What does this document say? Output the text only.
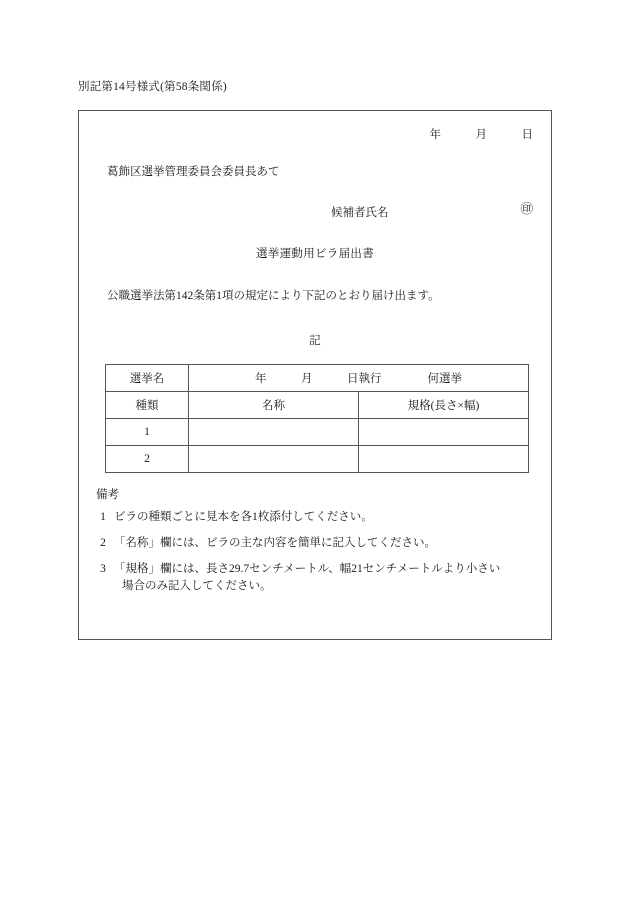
別記第14号様式(第58条関係)
年　　　月　　　日
葛飾区選挙管理委員会委員長あて
候補者氏名	㊞
選挙運動用ビラ届出書
公職選挙法第142条第1項の規定により下記のとおり届け出ます。
記
選挙名	年　　　月　　　日執行　　　　何選挙	
種類	名称	規格(長さ×幅)
1		
2		
備考
1 ビラの種類ごとに見本を各1枚添付してください。
2 「名称」欄には、ビラの主な内容を簡単に記入してください。
3 「規格」欄には、長さ29.7センチメートル、幅21センチメートルより小さい
場合のみ記入してください。
